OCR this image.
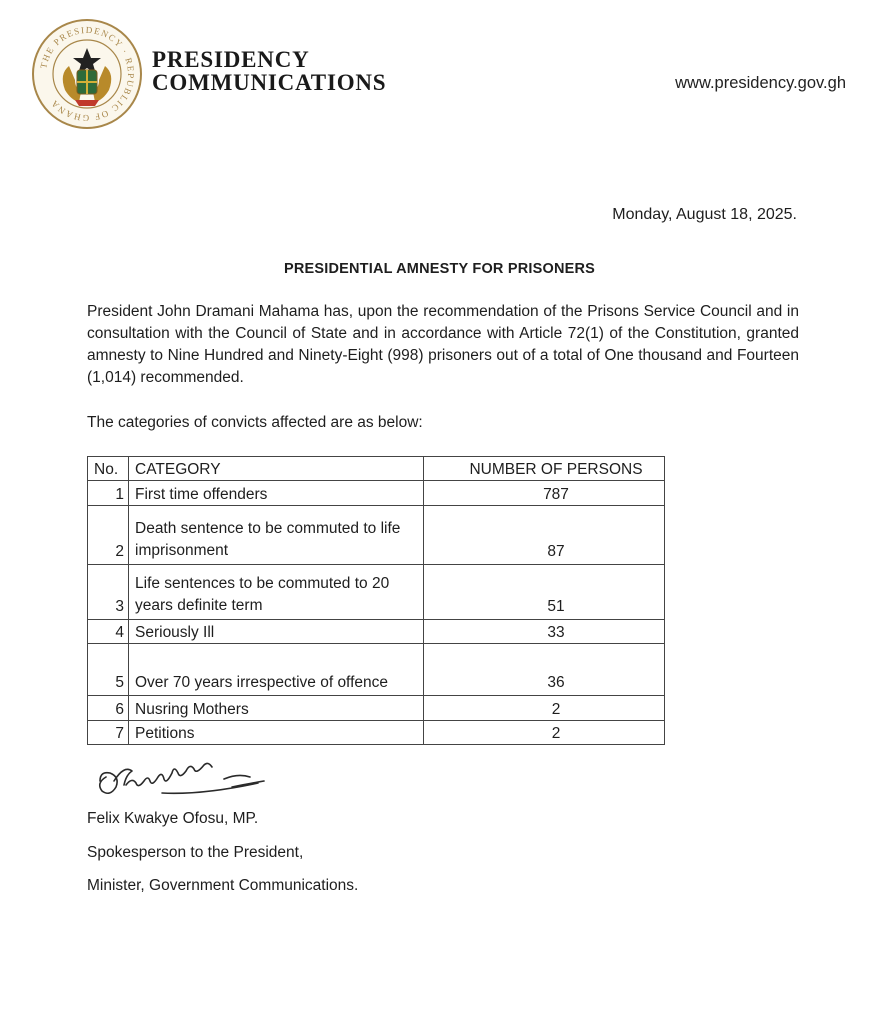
THE PRESIDENCY · REPUBLIC OF GHANA
PRESIDENCY
COMMUNICATIONS	www.presidency.gov.gh
Monday, August 18, 2025.
PRESIDENTIAL AMNESTY FOR PRISONERS
President John Dramani Mahama has, upon the recommendation of the Prisons Service Council and in consultation with the Council of State and in accordance with Article 72(1) of the Constitution, granted amnesty to Nine Hundred and Ninety-Eight (998) prisoners out of a total of One thousand and Fourteen (1,014) recommended.
The categories of convicts affected are as below:
No.	CATEGORY	NUMBER OF PERSONS
1	First time offenders	787
2	Death sentence to be commuted to life imprisonment	87
3	Life sentences to be commuted to 20 years definite term	51
4	Seriously Ill	33
5	Over 70 years irrespective of offence	36
6	Nusring Mothers	2
7	Petitions	2
Felix Kwakye Ofosu, MP.
Spokesperson to the President,
Minister, Government Communications.
